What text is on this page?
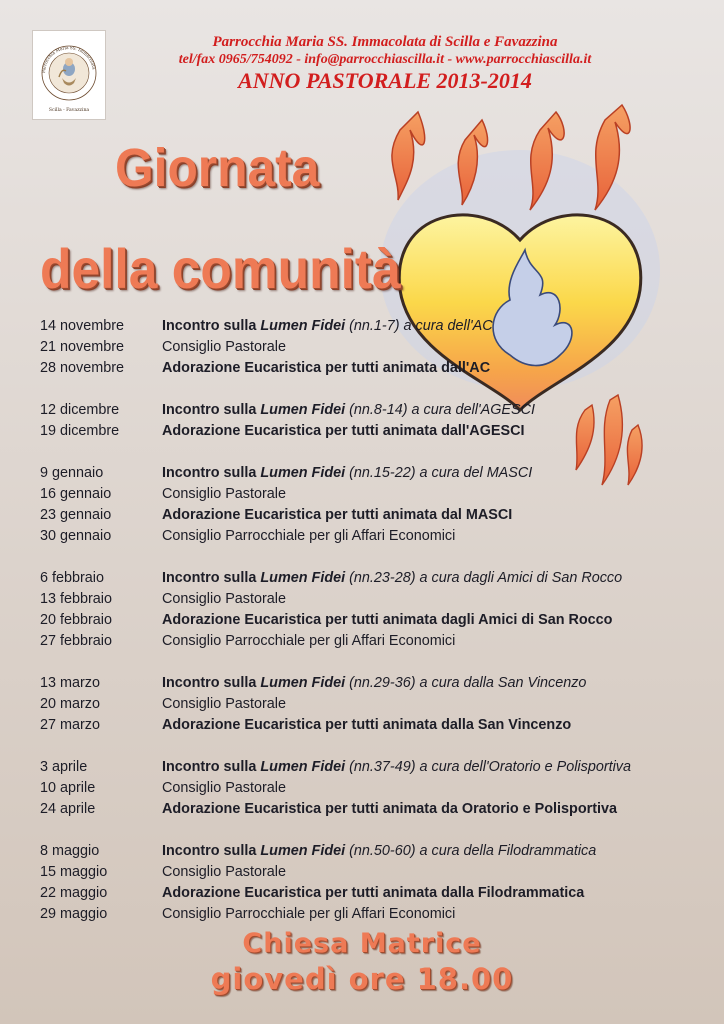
Parrocchia Maria SS. Immacolata
Scilla - Favazzina
Parrocchia Maria SS. Immacolata di Scilla e Favazzina
tel/fax 0965/754092 - info@parrocchiascilla.it - www.parrocchiascilla.it
ANNO PASTORALE 2013-2014
Giornata
della comunità
14 novembre	Incontro sulla Lumen Fidei (nn.1-7) a cura dell'AC
21 novembre	Consiglio Pastorale
28 novembre	Adorazione Eucaristica per tutti animata dall'AC
12 dicembre	Incontro sulla Lumen Fidei (nn.8-14) a cura dell'AGESCI
19 dicembre	Adorazione Eucaristica per tutti animata dall'AGESCI
9 gennaio	Incontro sulla Lumen Fidei (nn.15-22) a cura del MASCI
16 gennaio	Consiglio Pastorale
23 gennaio	Adorazione Eucaristica per tutti animata dal MASCI
30 gennaio	Consiglio Parrocchiale per gli Affari Economici
6 febbraio	Incontro sulla Lumen Fidei (nn.23-28) a cura dagli Amici di San Rocco
13 febbraio	Consiglio Pastorale
20 febbraio	Adorazione Eucaristica per tutti animata dagli Amici di San Rocco
27 febbraio	Consiglio Parrocchiale per gli Affari Economici
13 marzo	Incontro sulla Lumen Fidei (nn.29-36) a cura dalla San Vincenzo
20 marzo	Consiglio Pastorale
27 marzo	Adorazione Eucaristica per tutti animata dalla San Vincenzo
3 aprile	Incontro sulla Lumen Fidei (nn.37-49) a cura dell'Oratorio e Polisportiva
10 aprile	Consiglio Pastorale
24 aprile	Adorazione Eucaristica per tutti animata da Oratorio e Polisportiva
8 maggio	Incontro sulla Lumen Fidei (nn.50-60) a cura della Filodrammatica
15 maggio	Consiglio Pastorale
22 maggio	Adorazione Eucaristica per tutti animata dalla Filodrammatica
29 maggio	Consiglio Parrocchiale per gli Affari Economici
Chiesa Matrice
giovedì ore 18.00
